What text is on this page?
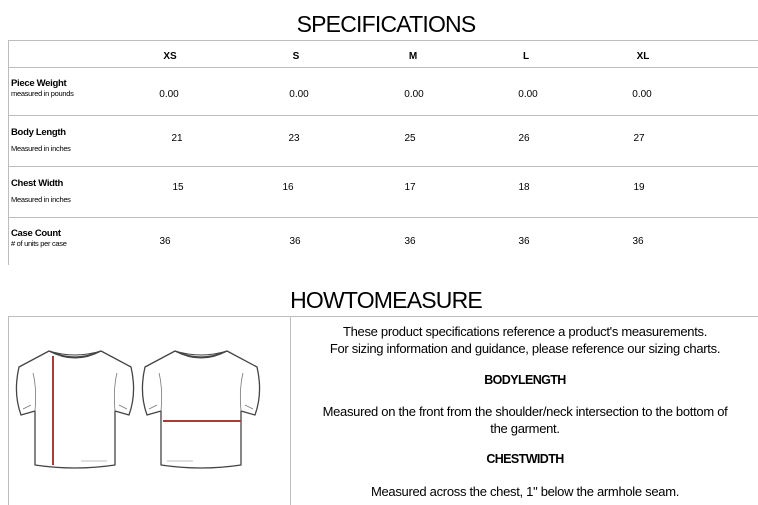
SPECIFICATIONS
XS	S	M	L	XL
Piece Weight
measured in pounds	0.00	0.00	0.00	0.00	0.00
Body Length
Measured in inches
21	23	25	26	27
Chest Width
Measured in inches
15	16	17	18	19
Case Count
# of units per case	36	36	36	36	36
HOWTOMEASURE

These product specifications reference a product's measurements.

For sizing information and guidance, please reference our sizing charts.

BODYLENGTH

Measured on the front from the shoulder/neck intersection to the bottom of

the garment.

CHESTWIDTH

Measured across the chest, 1" below the armhole seam.
